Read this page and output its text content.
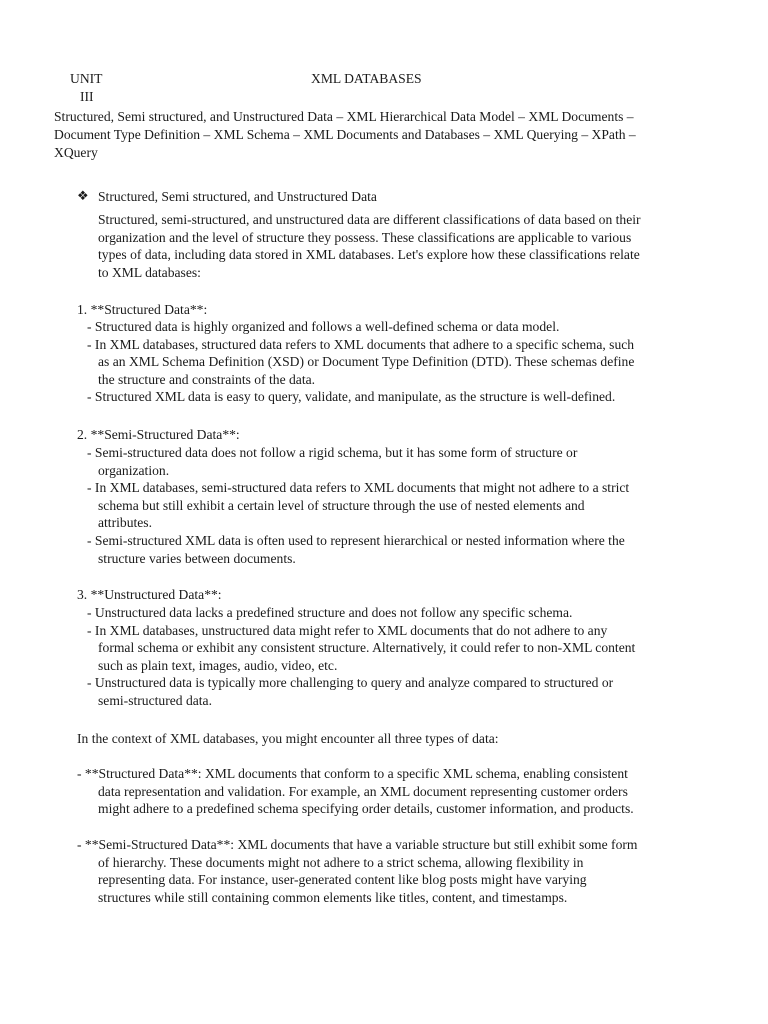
UNIT
III
XML DATABASES
Structured, Semi structured, and Unstructured Data – XML Hierarchical Data Model – XML Documents –
Document Type Definition – XML Schema – XML Documents and Databases – XML Querying – XPath –
XQuery
❖ Structured, Semi structured, and Unstructured Data
Structured, semi-structured, and unstructured data are different classifications of data based on their
organization and the level of structure they possess. These classifications are applicable to various
types of data, including data stored in XML databases. Let's explore how these classifications relate
to XML databases:
1. **Structured Data**:
- Structured data is highly organized and follows a well-defined schema or data model.
- In XML databases, structured data refers to XML documents that adhere to a specific schema, such
as an XML Schema Definition (XSD) or Document Type Definition (DTD). These schemas define
the structure and constraints of the data.
- Structured XML data is easy to query, validate, and manipulate, as the structure is well-defined.
2. **Semi-Structured Data**:
- Semi-structured data does not follow a rigid schema, but it has some form of structure or
organization.
- In XML databases, semi-structured data refers to XML documents that might not adhere to a strict
schema but still exhibit a certain level of structure through the use of nested elements and
attributes.
- Semi-structured XML data is often used to represent hierarchical or nested information where the
structure varies between documents.
3. **Unstructured Data**:
- Unstructured data lacks a predefined structure and does not follow any specific schema.
- In XML databases, unstructured data might refer to XML documents that do not adhere to any
formal schema or exhibit any consistent structure. Alternatively, it could refer to non-XML content
such as plain text, images, audio, video, etc.
- Unstructured data is typically more challenging to query and analyze compared to structured or
semi-structured data.
In the context of XML databases, you might encounter all three types of data:
- **Structured Data**: XML documents that conform to a specific XML schema, enabling consistent
data representation and validation. For example, an XML document representing customer orders
might adhere to a predefined schema specifying order details, customer information, and products.
- **Semi-Structured Data**: XML documents that have a variable structure but still exhibit some form
of hierarchy. These documents might not adhere to a strict schema, allowing flexibility in
representing data. For instance, user-generated content like blog posts might have varying
structures while still containing common elements like titles, content, and timestamps.
